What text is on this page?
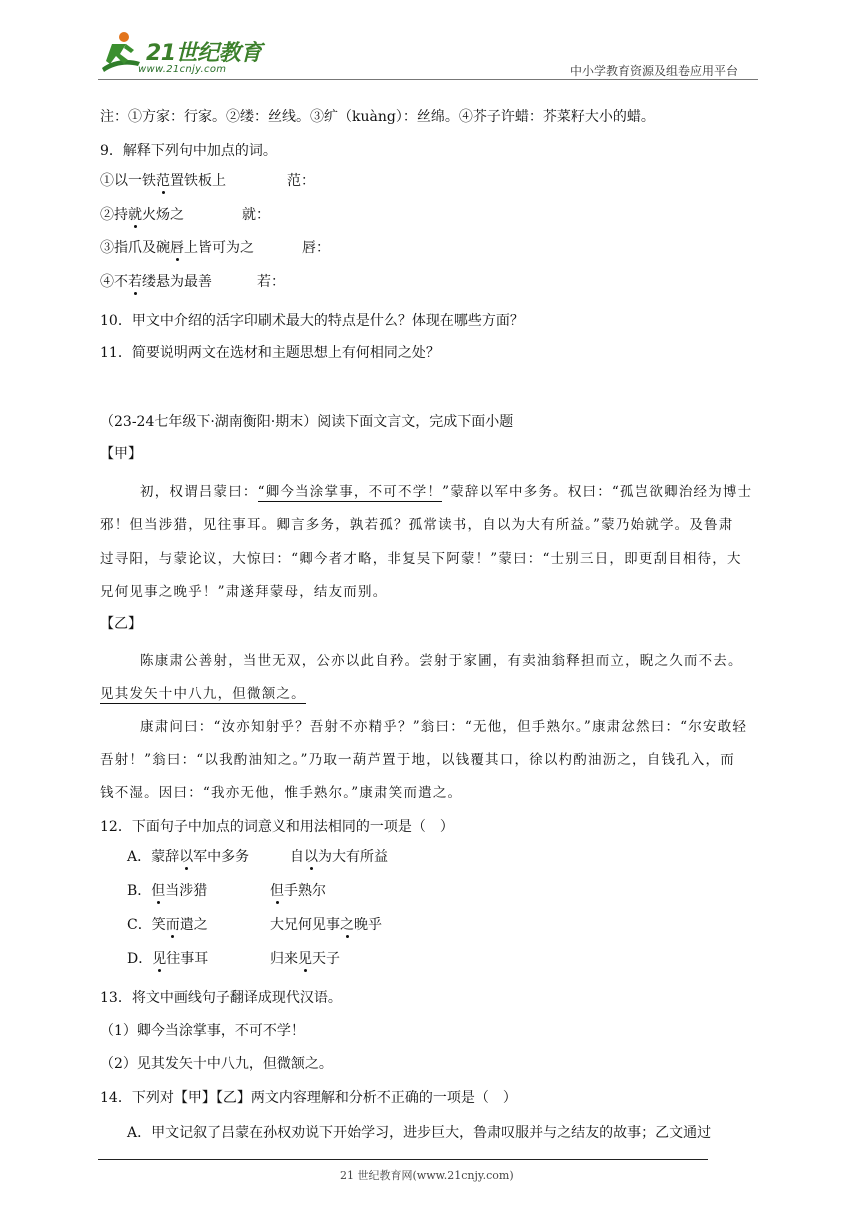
21世纪教育
www.21cnjy.com	中小学教育资源及组卷应用平台
注：①方家：行家。②缕：丝线。③纩（kuàng）：丝绵。④芥子许蜡：芥菜籽大小的蜡。
9．解释下列句中加点的词。
①以一铁范置铁板上	范：
②持就火炀之	就：
③指爪及碗唇上皆可为之	唇：
④不若缕悬为最善	若：
10．甲文中介绍的活字印刷术最大的特点是什么？体现在哪些方面？
11．简要说明两文在选材和主题思想上有何相同之处？
（23-24七年级下·湖南衡阳·期末）阅读下面文言文，完成下面小题
【甲】
初，权谓吕蒙曰：“卿今当涂掌事，不可不学！”蒙辞以军中多务。权曰：“孤岂欲卿治经为博士
邪！但当涉猎，见往事耳。卿言多务，孰若孤？孤常读书，自以为大有所益。”蒙乃始就学。及鲁肃
过寻阳，与蒙论议，大惊曰：“卿今者才略，非复吴下阿蒙！”蒙曰：“士别三日，即更刮目相待，大
兄何见事之晚乎！”肃遂拜蒙母，结友而别。
【乙】
陈康肃公善射，当世无双，公亦以此自矜。尝射于家圃，有卖油翁释担而立，睨之久而不去。
见其发矢十中八九，但微颔之。
康肃问曰：“汝亦知射乎？吾射不亦精乎？”翁曰：“无他，但手熟尔。”康肃忿然曰：“尔安敢轻
吾射！”翁曰：“以我酌油知之。”乃取一葫芦置于地，以钱覆其口，徐以杓酌油沥之，自钱孔入，而
钱不湿。因曰：“我亦无他，惟手熟尔。”康肃笑而遣之。
12．下面句子中加点的词意义和用法相同的一项是（　）
A．蒙辞以军中多务	自以为大有所益
B．但当涉猎	但手熟尔
C．笑而遣之	大兄何见事之晚乎
D．见往事耳	归来见天子
13．将文中画线句子翻译成现代汉语。
（1）卿今当涂掌事，不可不学！
（2）见其发矢十中八九，但微颔之。
14．下列对【甲】【乙】两文内容理解和分析不正确的一项是（　）
A．甲文记叙了吕蒙在孙权劝说下开始学习，进步巨大，鲁肃叹服并与之结友的故事；乙文通过
21 世纪教育网(www.21cnjy.com)
